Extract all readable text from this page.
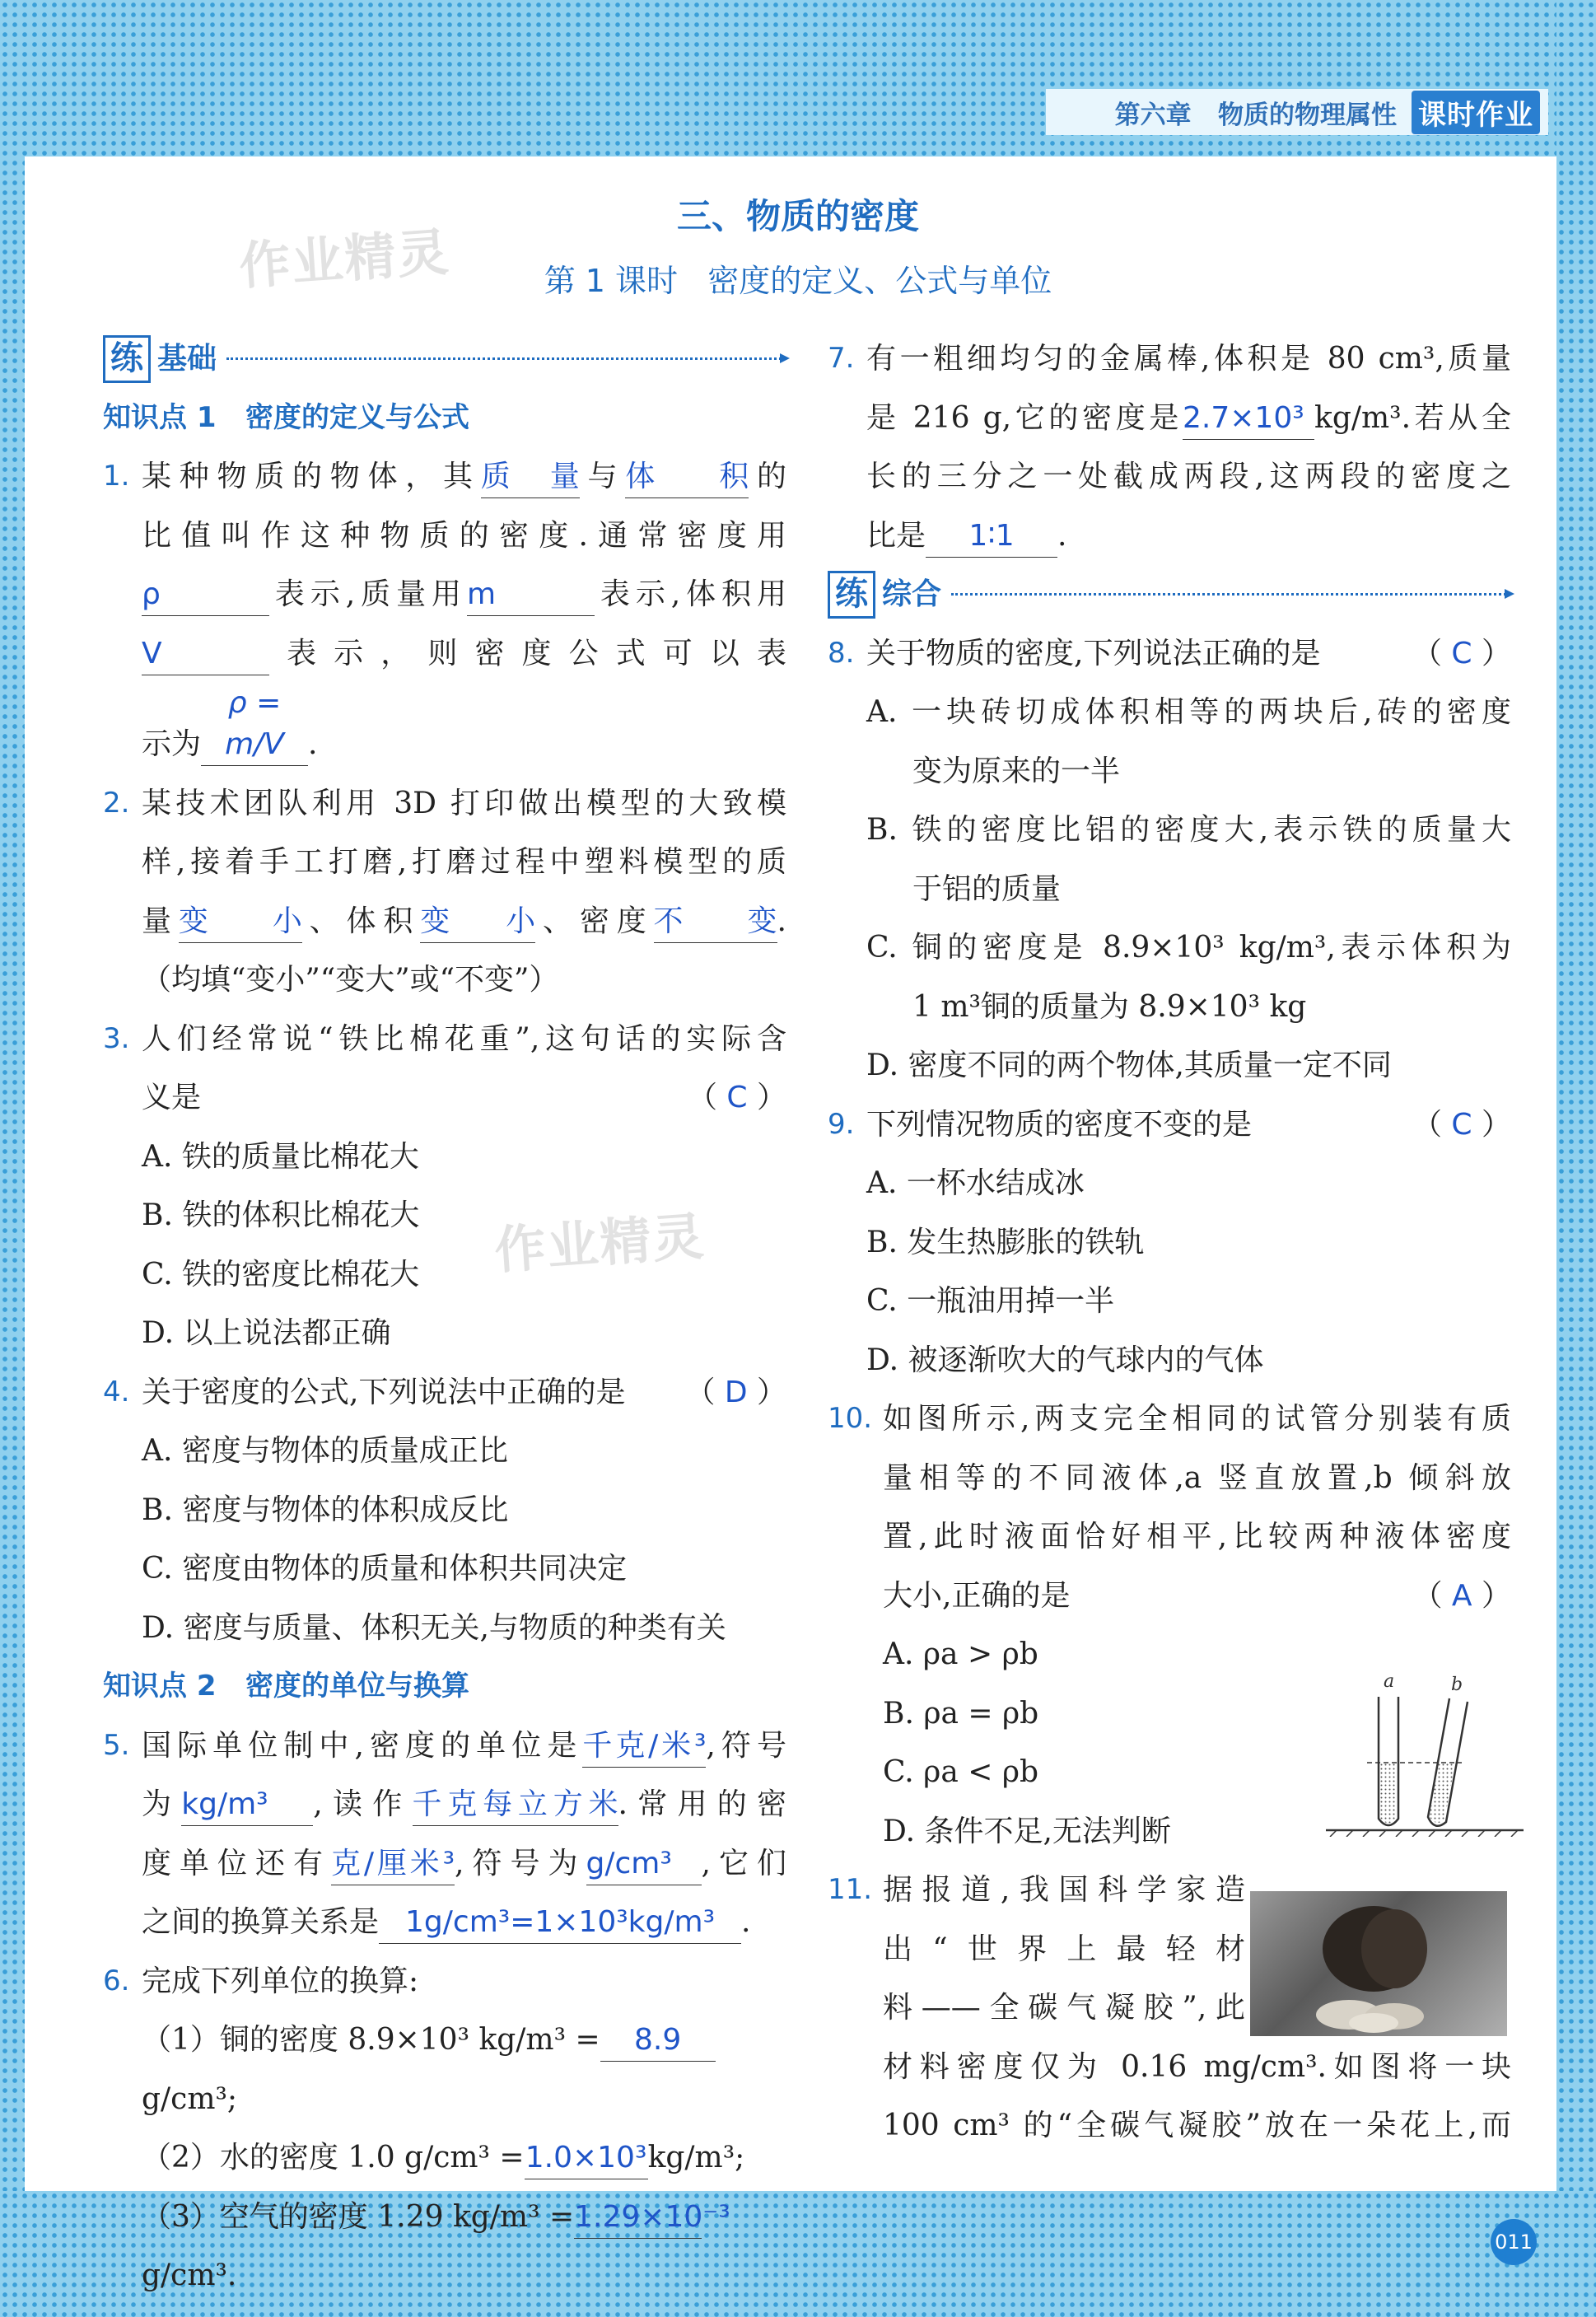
第六章   物质的物理属性 课时作业
作业精灵
作业精灵
三、物质的密度
第 1 课时   密度的定义、公式与单位
练 基础
知识点 1   密度的定义与公式
1. 某种物质的物体，其质量与体积的
比值叫作这种物质的密度.通常密度用
ρ	表示,质量用m	表示,体积用
V	表示，则密度公式可以表
示为ρ = m/V .
2. 某技术团队利用 3D 打印做出模型的大致模
样,接着手工打磨,打磨过程中塑料模型的质
量变小、体积变小、密度不变.
（均填“变小”“变大”或“不变”）
3. 人们经常说“铁比棉花重”,这句话的实际含
义是	（ C ）
A. 铁的质量比棉花大
B. 铁的体积比棉花大
C. 铁的密度比棉花大
D. 以上说法都正确
4. 关于密度的公式,下列说法中正确的是 （ D ）
A. 密度与物体的质量成正比
B. 密度与物体的体积成反比
C. 密度由物体的质量和体积共同决定
D. 密度与质量、体积无关,与物质的种类有关
知识点 2   密度的单位与换算
5. 国际单位制中,密度的单位是千克/米³,符号
为kg/m³ ,读作千克每立方米.常用的密
度单位还有克/厘米³,符号为g/cm³ ,它们
之间的换算关系是 1g/cm³=1×10³kg/m³ .
6. 完成下列单位的换算:
（1）铜的密度 8.9×10³ kg/m³ = 8.9g/cm³;
（2）水的密度 1.0 g/cm³ =1.0×10³kg/m³;
（3）空气的密度 1.29 kg/m³ =1.29×10⁻³g/cm³.
7. 有一粗细均匀的金属棒,体积是 80 cm³,质量
是 216 g,它的密度是2.7×10³ kg/m³.若从全
长的三分之一处截成两段,这两段的密度之
比是 1∶1 .
练 综合
8. 关于物质的密度,下列说法正确的是	（ C ）
A. 一块砖切成体积相等的两块后,砖的密度
变为原来的一半
B. 铁的密度比铝的密度大,表示铁的质量大
于铝的质量
C. 铜的密度是 8.9×10³ kg/m³,表示体积为
1 m³铜的质量为 8.9×10³ kg
D. 密度不同的两个物体,其质量一定不同
9. 下列情况物质的密度不变的是	（ C ）
A. 一杯水结成冰
B. 发生热膨胀的铁轨
C. 一瓶油用掉一半
D. 被逐渐吹大的气球内的气体
10. 如图所示,两支完全相同的试管分别装有质
量相等的不同液体,a 竖直放置,b 倾斜放
置,此时液面恰好相平,比较两种液体密度
大小,正确的是	（ A ）
A. ρa > ρb
B. ρa = ρb
C. ρa < ρb
D. 条件不足,无法判断
11. 据报道,我国科学家造
出“世界上最轻材
料——全碳气凝胶”,此
材料密度仅为 0.16 mg/cm³.如图将一块
100 cm³ 的“全碳气凝胶”放在一朵花上,而
a	b
011
